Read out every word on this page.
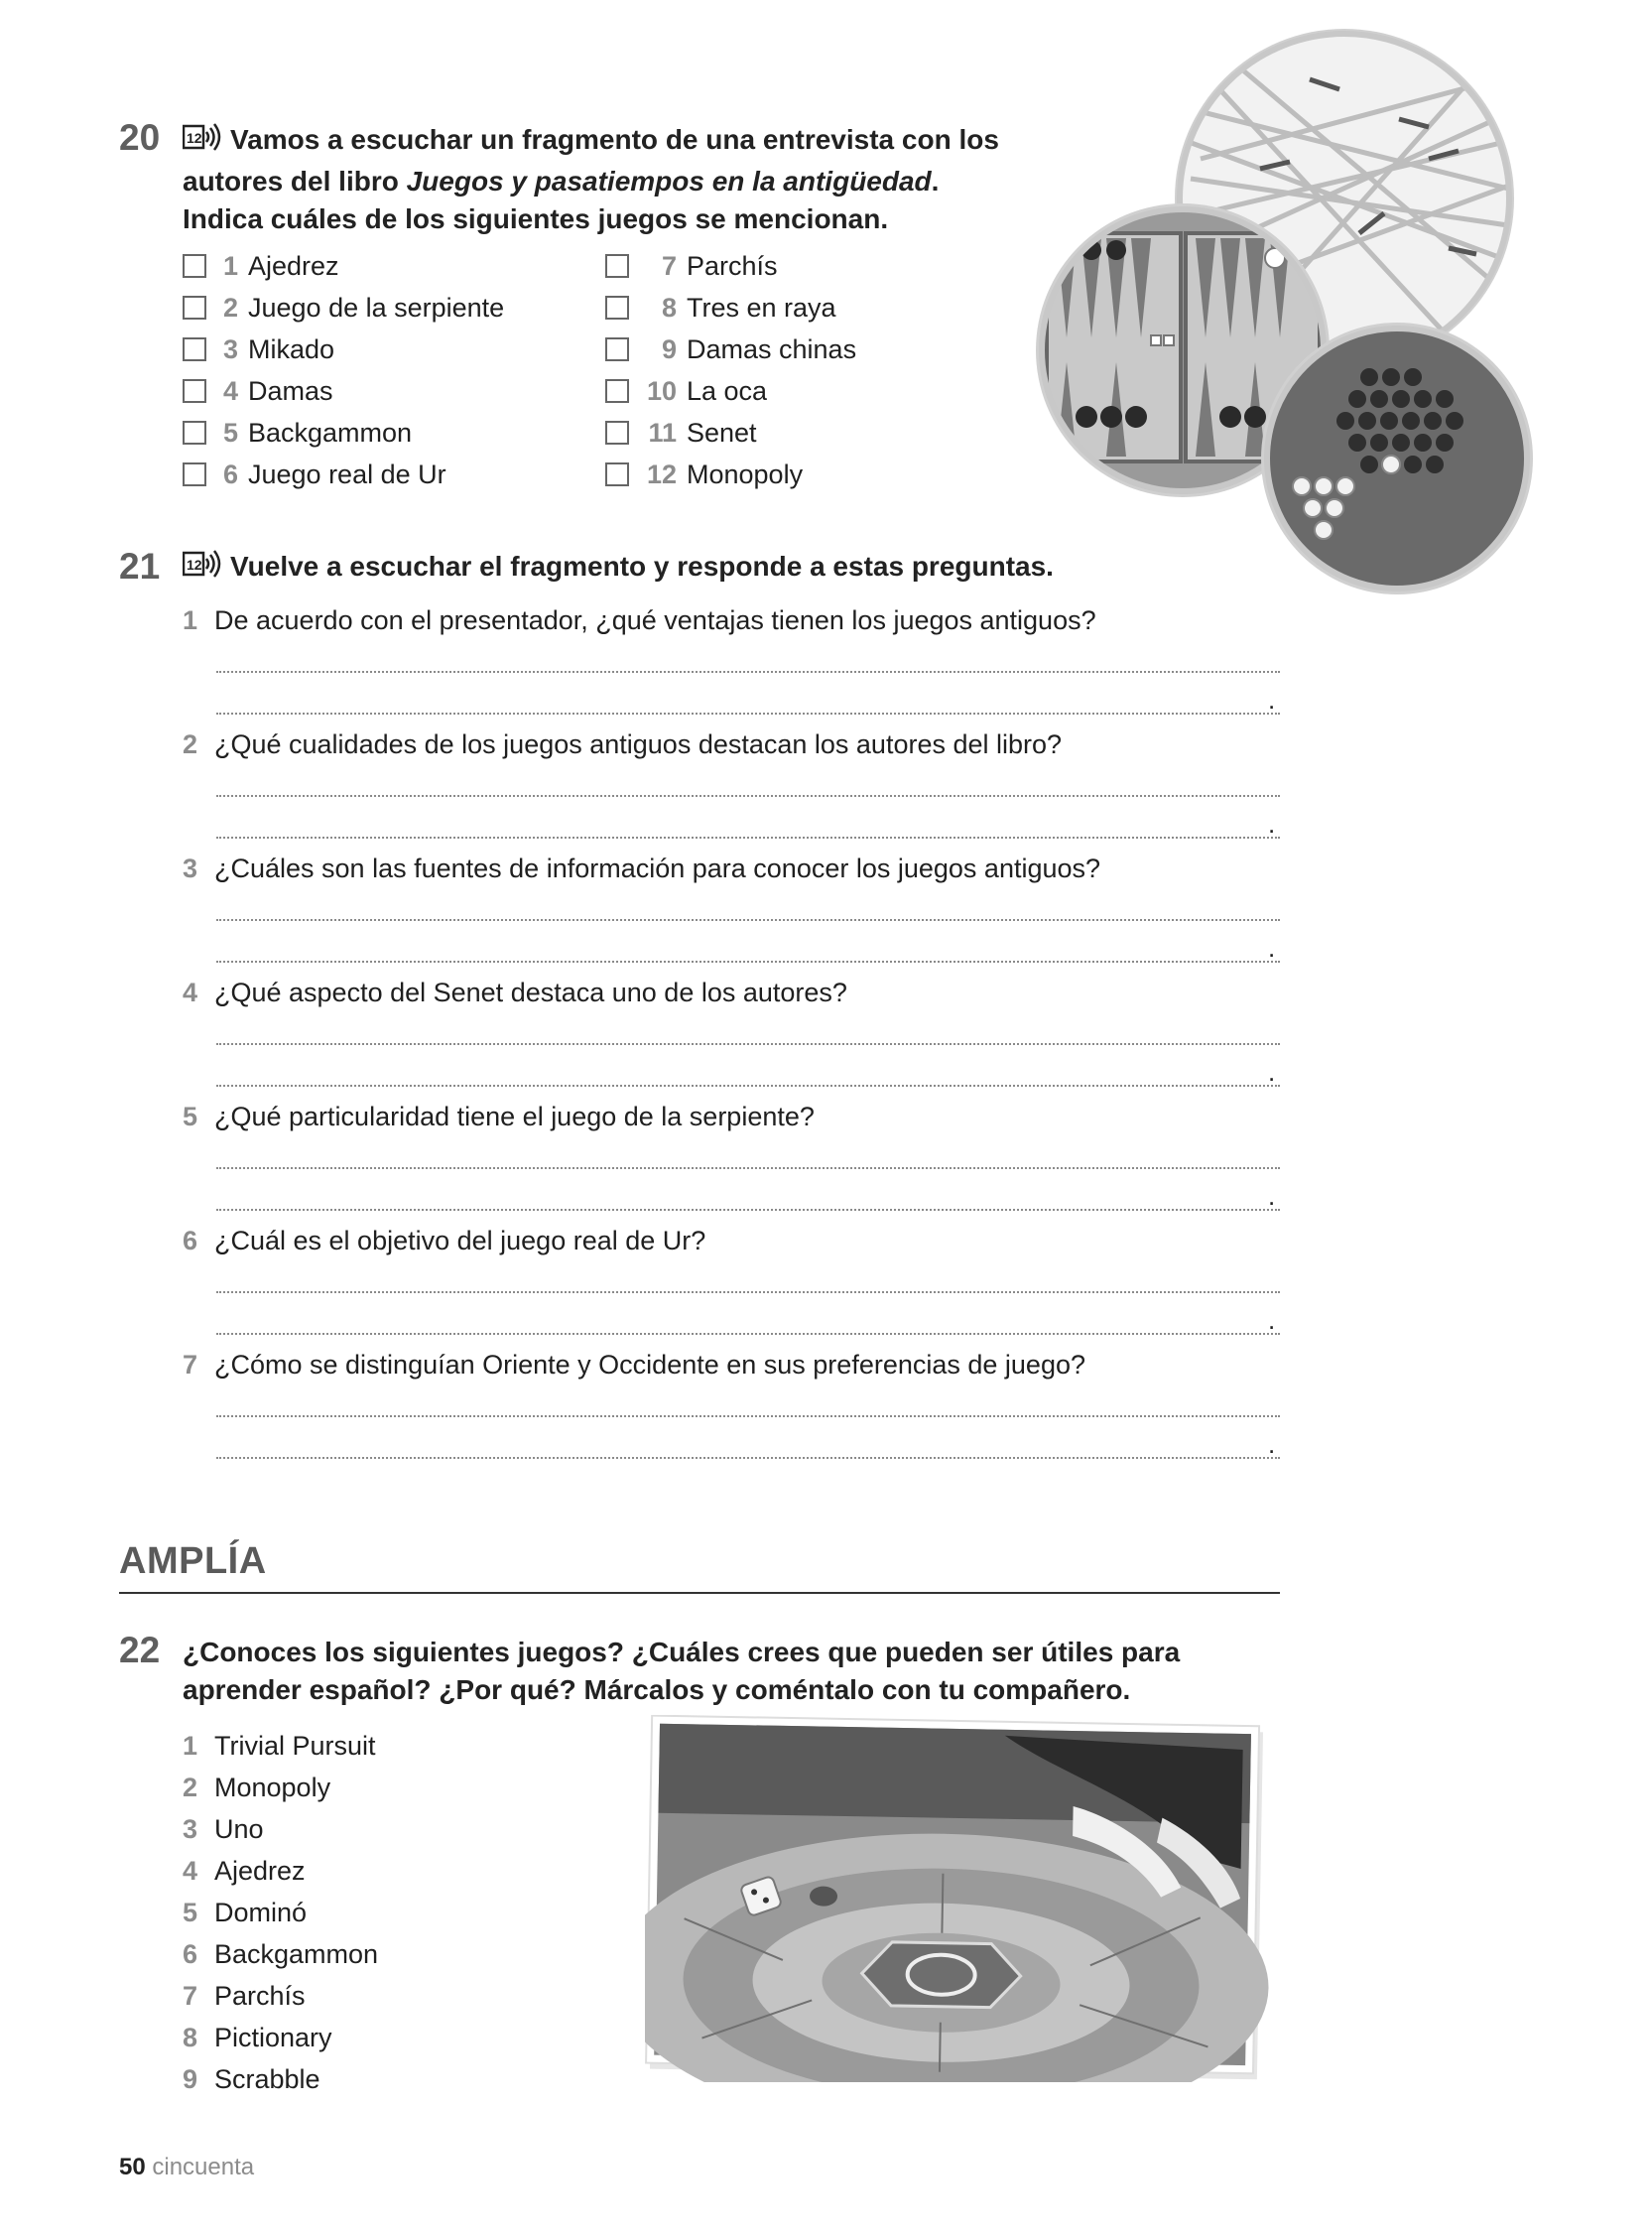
20 12 Vamos a escuchar un fragmento de una entrevista con los
autores del libro Juegos y pasatiempos en la antigüedad.
Indica cuáles de los siguientes juegos se mencionan.
1 Ajedrez
2 Juego de la serpiente
3 Mikado
4 Damas
5 Backgammon
6 Juego real de Ur
7 Parchís
8 Tres en raya
9 Damas chinas
10 La oca
11 Senet
12 Monopoly
21 12 Vuelve a escuchar el fragmento y responde a estas preguntas.
1 De acuerdo con el presentador, ¿qué ventajas tienen los juegos antiguos?
.
2 ¿Qué cualidades de los juegos antiguos destacan los autores del libro?
.
3 ¿Cuáles son las fuentes de información para conocer los juegos antiguos?
.
4 ¿Qué aspecto del Senet destaca uno de los autores?
.
5 ¿Qué particularidad tiene el juego de la serpiente?
.
6 ¿Cuál es el objetivo del juego real de Ur?
.
7 ¿Cómo se distinguían Oriente y Occidente en sus preferencias de juego?
.
AMPLÍA
22 ¿Conoces los siguientes juegos? ¿Cuáles crees que pueden ser útiles para
aprender español? ¿Por qué? Márcalos y coméntalo con tu compañero.
1 Trivial Pursuit
2 Monopoly
3 Uno
4 Ajedrez
5 Dominó
6 Backgammon
7 Parchís
8 Pictionary
9 Scrabble
50 cincuenta
